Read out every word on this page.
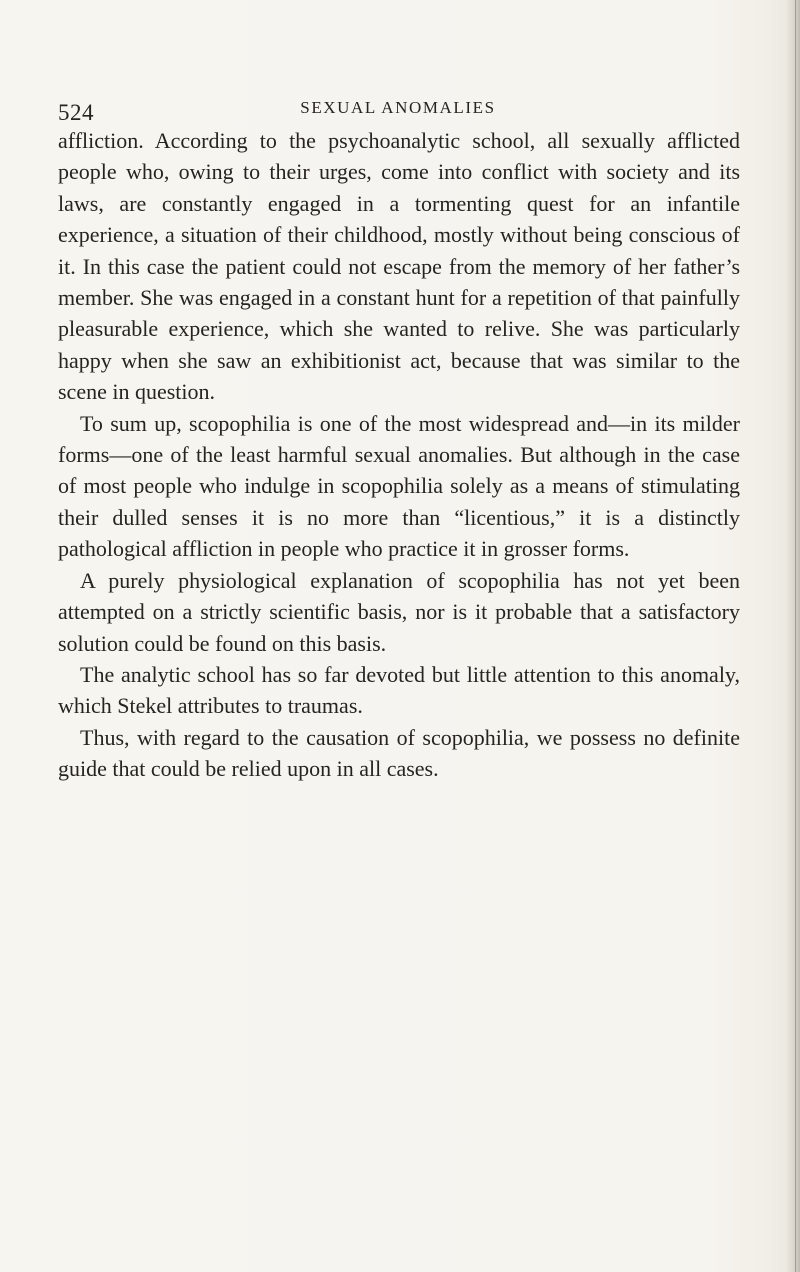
524	SEXUAL ANOMALIES

affliction. According to the psychoanalytic school, all sexually afflicted people who, owing to their urges, come into conflict with society and its laws, are constantly engaged in a tormenting quest for an infantile experience, a situation of their childhood, mostly without being conscious of it. In this case the patient could not escape from the memory of her father’s member. She was engaged in a constant hunt for a repetition of that painfully pleasurable experience, which she wanted to relive. She was particularly happy when she saw an exhibitionist act, because that was similar to the scene in question.

To sum up, scopophilia is one of the most widespread and—in its milder forms—one of the least harmful sexual anomalies. But although in the case of most people who indulge in scopophilia solely as a means of stimulating their dulled senses it is no more than “licentious,” it is a distinctly pathological affliction in people who practice it in grosser forms.

A purely physiological explanation of scopophilia has not yet been attempted on a strictly scientific basis, nor is it probable that a satisfactory solution could be found on this basis.

The analytic school has so far devoted but little attention to this anomaly, which Stekel attributes to traumas.

Thus, with regard to the causation of scopophilia, we possess no definite guide that could be relied upon in all cases.
